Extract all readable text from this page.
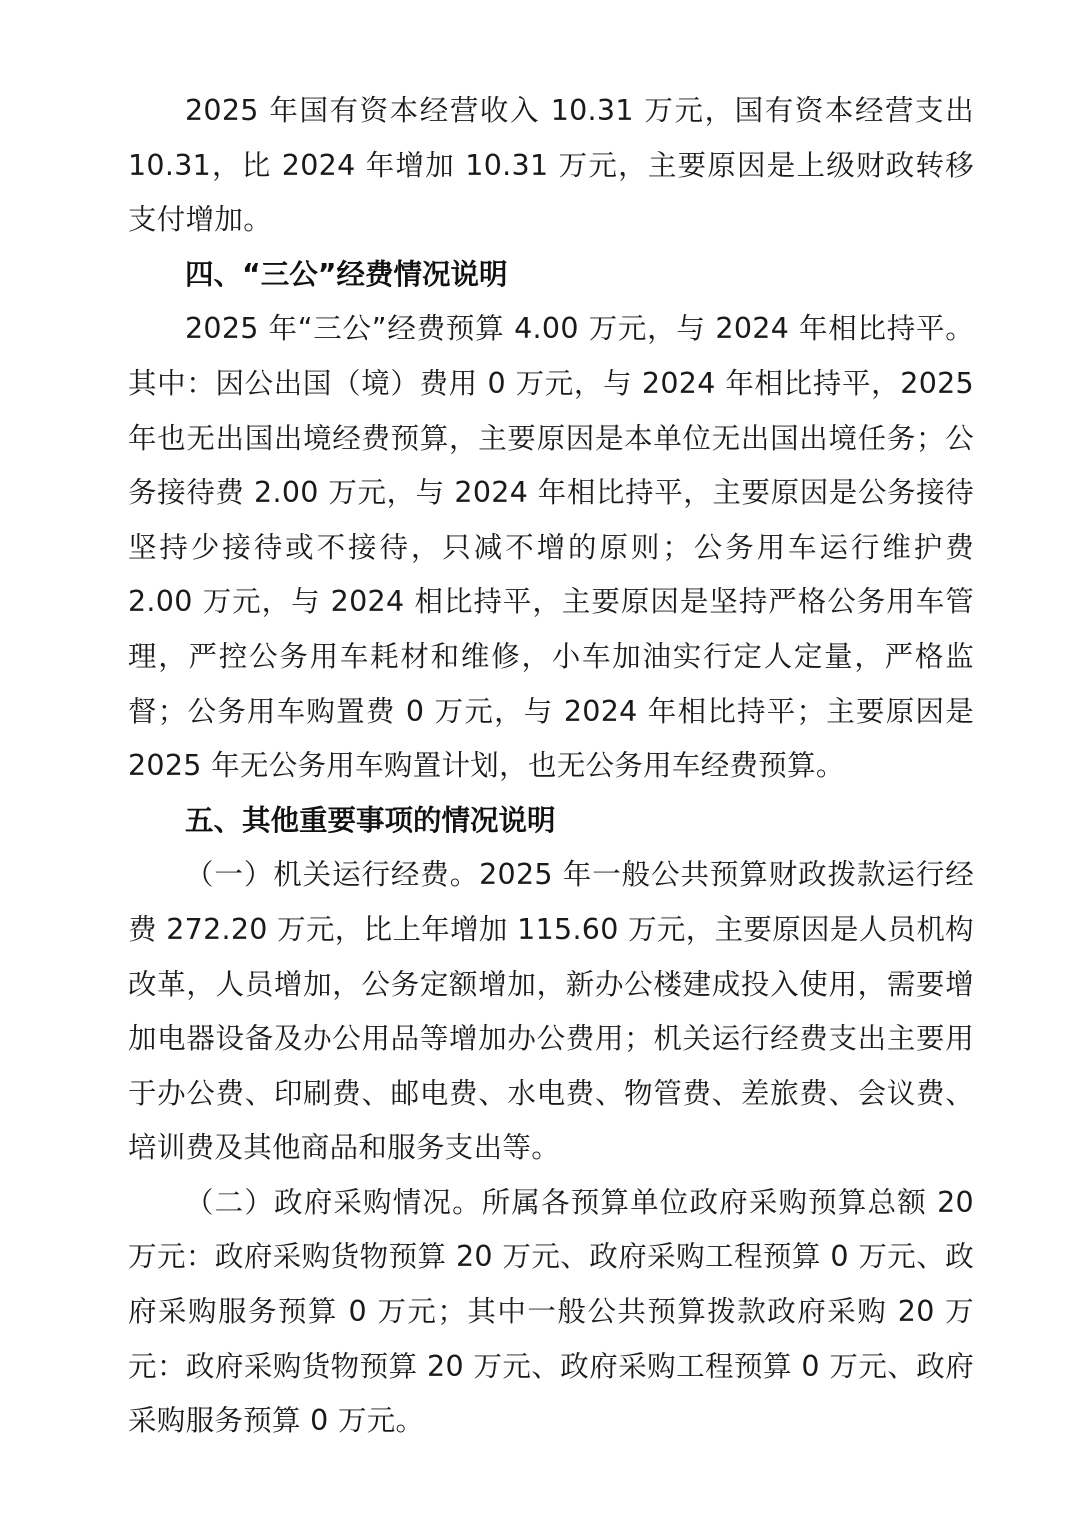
2025 年国有资本经营收入 10.31 万元，国有资本经营支出 10.31，比 2024 年增加 10.31 万元，主要原因是上级财政转移支付增加。

四、“三公”经费情况说明

2025 年“三公”经费预算 4.00 万元，与 2024 年相比持平。其中：因公出国（境）费用 0 万元，与 2024 年相比持平，2025 年也无出国出境经费预算，主要原因是本单位无出国出境任务；公务接待费 2.00 万元，与 2024 年相比持平，主要原因是公务接待坚持少接待或不接待，只减不增的原则；公务用车运行维护费 2.00 万元，与 2024 相比持平，主要原因是坚持严格公务用车管理，严控公务用车耗材和维修，小车加油实行定人定量，严格监督；公务用车购置费 0 万元，与 2024 年相比持平；主要原因是 2025 年无公务用车购置计划，也无公务用车经费预算。

五、其他重要事项的情况说明

（一）机关运行经费。2025 年一般公共预算财政拨款运行经费 272.20 万元，比上年增加 115.60 万元，主要原因是人员机构改革，人员增加，公务定额增加，新办公楼建成投入使用，需要增加电器设备及办公用品等增加办公费用；机关运行经费支出主要用于办公费、印刷费、邮电费、水电费、物管费、差旅费、会议费、培训费及其他商品和服务支出等。

（二）政府采购情况。所属各预算单位政府采购预算总额 20 万元：政府采购货物预算 20 万元、政府采购工程预算 0 万元、政府采购服务预算 0 万元；其中一般公共预算拨款政府采购 20 万元：政府采购货物预算 20 万元、政府采购工程预算 0 万元、政府采购服务预算 0 万元。
